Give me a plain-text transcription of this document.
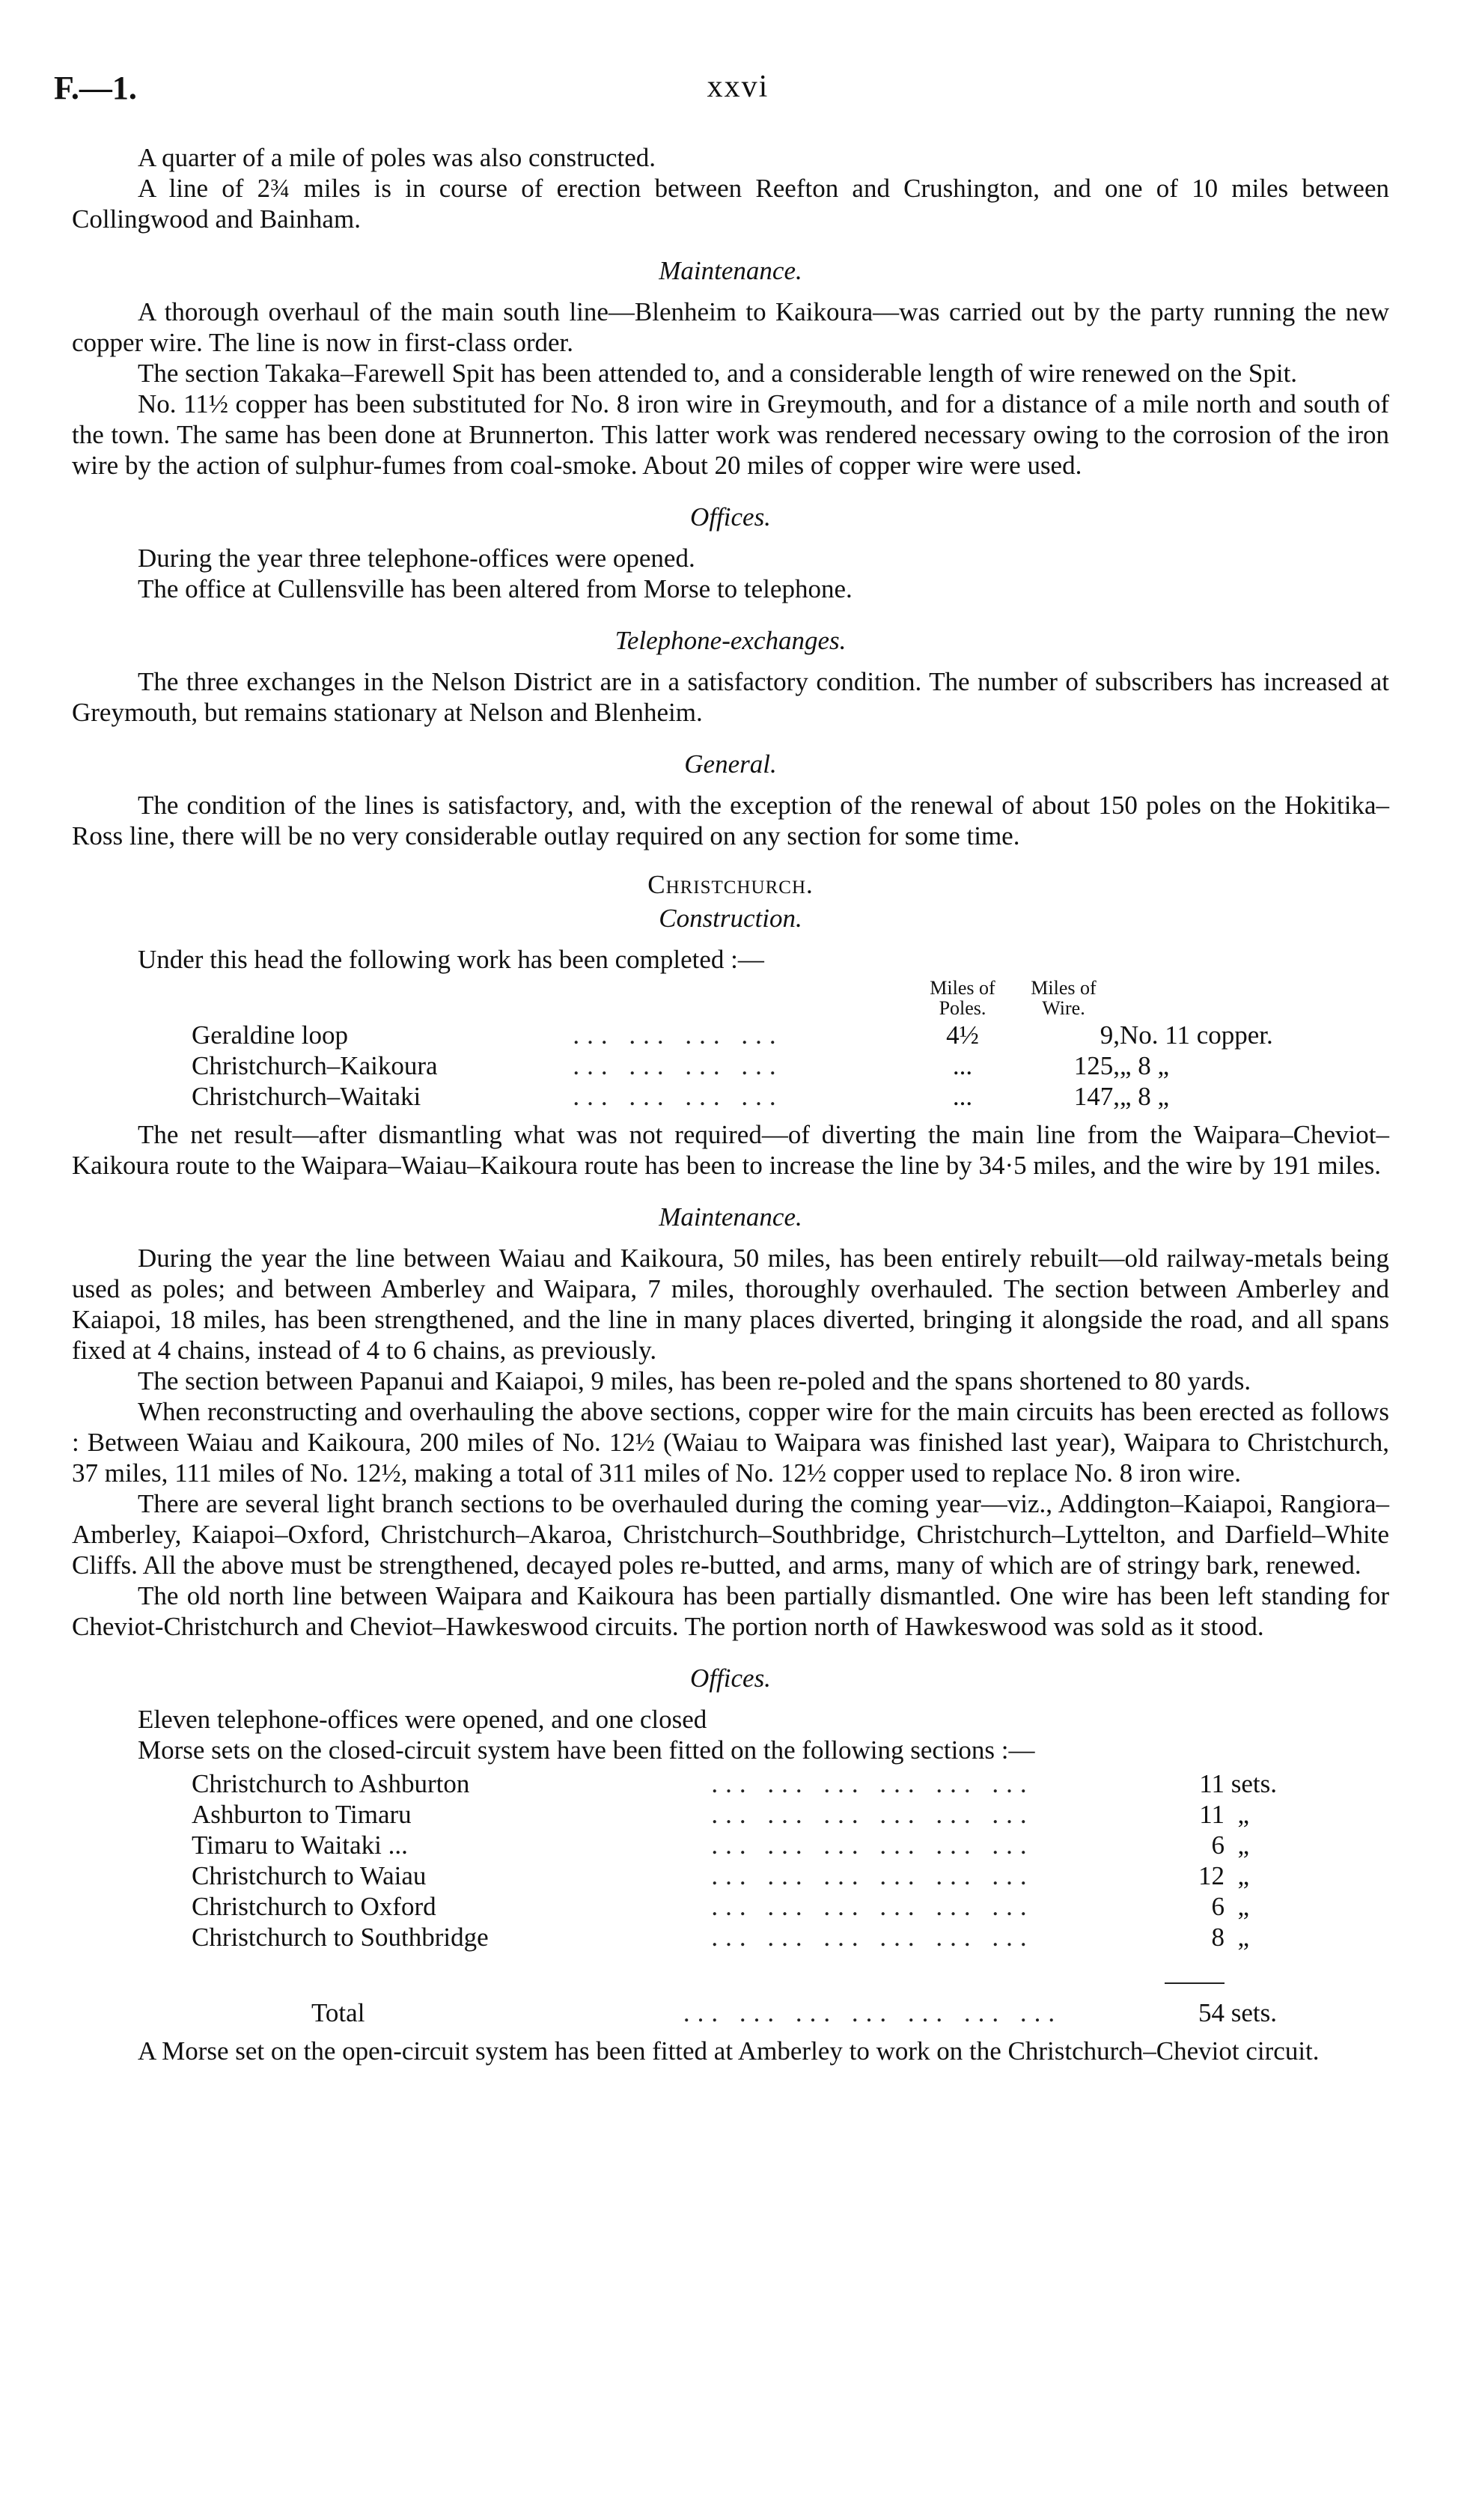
F.—1.	xxvi

A quarter of a mile of poles was also constructed.

A line of 2¾ miles is in course of erection between Reefton and Crushington, and one of 10 miles between Collingwood and Bainham.

Maintenance.

A thorough overhaul of the main south line—Blenheim to Kaikoura—was carried out by the party running the new copper wire. The line is now in first-class order.

The section Takaka–Farewell Spit has been attended to, and a considerable length of wire renewed on the Spit.

No. 11½ copper has been substituted for No. 8 iron wire in Greymouth, and for a distance of a mile north and south of the town. The same has been done at Brunnerton. This latter work was rendered necessary owing to the corrosion of the iron wire by the action of sulphur-fumes from coal-smoke. About 20 miles of copper wire were used.

Offices.

During the year three telephone-offices were opened.

The office at Cullensville has been altered from Morse to telephone.

Telephone-exchanges.

The three exchanges in the Nelson District are in a satisfactory condition. The number of subscribers has increased at Greymouth, but remains stationary at Nelson and Blenheim.

General.

The condition of the lines is satisfactory, and, with the exception of the renewal of about 150 poles on the Hokitika–Ross line, there will be no very considerable outlay required on any section for some time.

Christchurch.
Construction.

Under this head the following work has been completed :—

		Miles of Poles.	Miles of Wire.	
Geraldine loop	... ... ... ...	4½	9,	No. 11 copper.
Christchurch–Kaikoura	... ... ... ...	...	125,	„ 8 „
Christchurch–Waitaki	... ... ... ...	...	147,	„ 8 „

The net result—after dismantling what was not required—of diverting the main line from the Waipara–Cheviot–Kaikoura route to the Waipara–Waiau–Kaikoura route has been to increase the line by 34·5 miles, and the wire by 191 miles.

Maintenance.

During the year the line between Waiau and Kaikoura, 50 miles, has been entirely rebuilt—old railway-metals being used as poles; and between Amberley and Waipara, 7 miles, thoroughly overhauled. The section between Amberley and Kaiapoi, 18 miles, has been strengthened, and the line in many places diverted, bringing it alongside the road, and all spans fixed at 4 chains, instead of 4 to 6 chains, as previously.

The section between Papanui and Kaiapoi, 9 miles, has been re-poled and the spans shortened to 80 yards.

When reconstructing and overhauling the above sections, copper wire for the main circuits has been erected as follows : Between Waiau and Kaikoura, 200 miles of No. 12½ (Waiau to Waipara was finished last year), Waipara to Christchurch, 37 miles, 111 miles of No. 12½, making a total of 311 miles of No. 12½ copper used to replace No. 8 iron wire.

There are several light branch sections to be overhauled during the coming year—viz., Addington–Kaiapoi, Rangiora–Amberley, Kaiapoi–Oxford, Christchurch–Akaroa, Christchurch–Southbridge, Christchurch–Lyttelton, and Darfield–White Cliffs. All the above must be strengthened, decayed poles re-butted, and arms, many of which are of stringy bark, renewed.

The old north line between Waipara and Kaikoura has been partially dismantled. One wire has been left standing for Cheviot-Christchurch and Cheviot–Hawkeswood circuits. The portion north of Hawkeswood was sold as it stood.

Offices.

Eleven telephone-offices were opened, and one closed

Morse sets on the closed-circuit system have been fitted on the following sections :—

Christchurch to Ashburton	... ... ... ... ... ...	11	sets.
Ashburton to Timaru	... ... ... ... ... ...	11	„
Timaru to Waitaki ...	... ... ... ... ... ...	6	„
Christchurch to Waiau	... ... ... ... ... ...	12	„
Christchurch to Oxford	... ... ... ... ... ...	6	„
Christchurch to Southbridge	... ... ... ... ... ...	8	„

Total	... ... ... ... ... ... ...	54	sets.

A Morse set on the open-circuit system has been fitted at Amberley to work on the Christchurch–Cheviot circuit.
